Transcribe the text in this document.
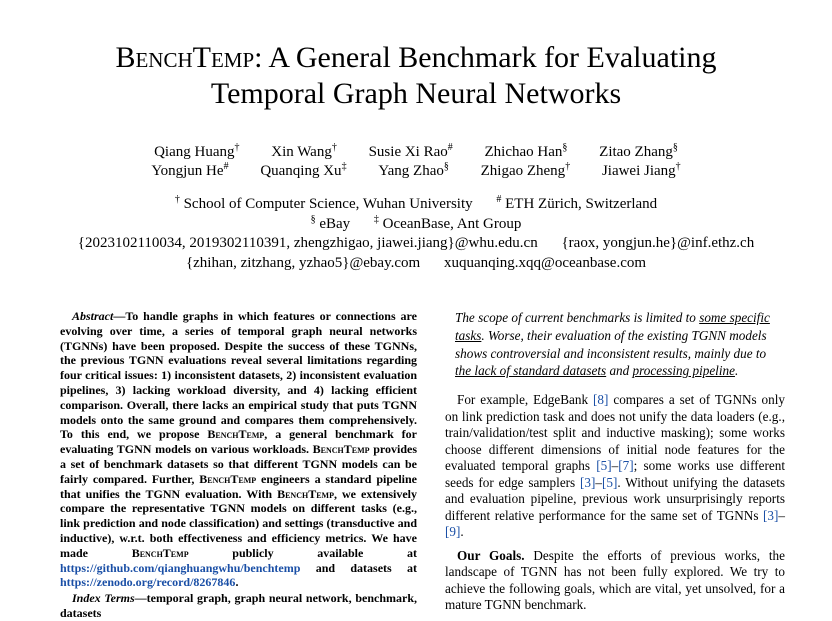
BenchTemp: A General Benchmark for Evaluating
Temporal Graph Neural Networks
Qiang Huang† Xin Wang† Susie Xi Rao# Zhichao Han§ Zitao Zhang§
Yongjun He# Quanqing Xu‡ Yang Zhao§ Zhigao Zheng† Jiawei Jiang†
† School of Computer Science, Wuhan University # ETH Zürich, Switzerland
§ eBay ‡ OceanBase, Ant Group
{2023102110034, 2019302110391, zhengzhigao, jiawei.jiang}@whu.edu.cn {raox, yongjun.he}@inf.ethz.ch
{zhihan, zitzhang, yzhao5}@ebay.com xuquanqing.xqq@oceanbase.com

Abstract—To handle graphs in which features or connections are evolving over time, a series of temporal graph neural networks (TGNNs) have been proposed. Despite the success of these TGNNs, the previous TGNN evaluations reveal several limitations regarding four critical issues: 1) inconsistent datasets, 2) inconsistent evaluation pipelines, 3) lacking workload diversity, and 4) lacking efficient comparison. Overall, there lacks an empirical study that puts TGNN models onto the same ground and compares them comprehensively. To this end, we propose BenchTemp, a general benchmark for evaluating TGNN models on various workloads. BenchTemp provides a set of benchmark datasets so that different TGNN models can be fairly compared. Further, BenchTemp engineers a standard pipeline that unifies the TGNN evaluation. With BenchTemp, we extensively compare the representative TGNN models on different tasks (e.g., link prediction and node classification) and settings (transductive and inductive), w.r.t. both effectiveness and efficiency metrics. We have made BenchTemp publicly available at https://github.com/qianghuangwhu/benchtemp and datasets at https://zenodo.org/record/8267846.

Index Terms—temporal graph, graph neural network, benchmark, datasets

The scope of current benchmarks is limited to some specific tasks. Worse, their evaluation of the existing TGNN models shows controversial and inconsistent results, mainly due to the lack of standard datasets and processing pipeline.

For example, EdgeBank [8] compares a set of TGNNs only on link prediction task and does not unify the data loaders (e.g., train/validation/test split and inductive masking); some works choose different dimensions of initial node features for the evaluated temporal graphs [5]–[7]; some works use different seeds for edge samplers [3]–[5]. Without unifying the datasets and evaluation pipeline, previous work unsurprisingly reports different relative performance for the same set of TGNNs [3]–[9].

Our Goals. Despite the efforts of previous works, the landscape of TGNN has not been fully explored. We try to achieve the following goals, which are vital, yet unsolved, for a mature TGNN benchmark.
